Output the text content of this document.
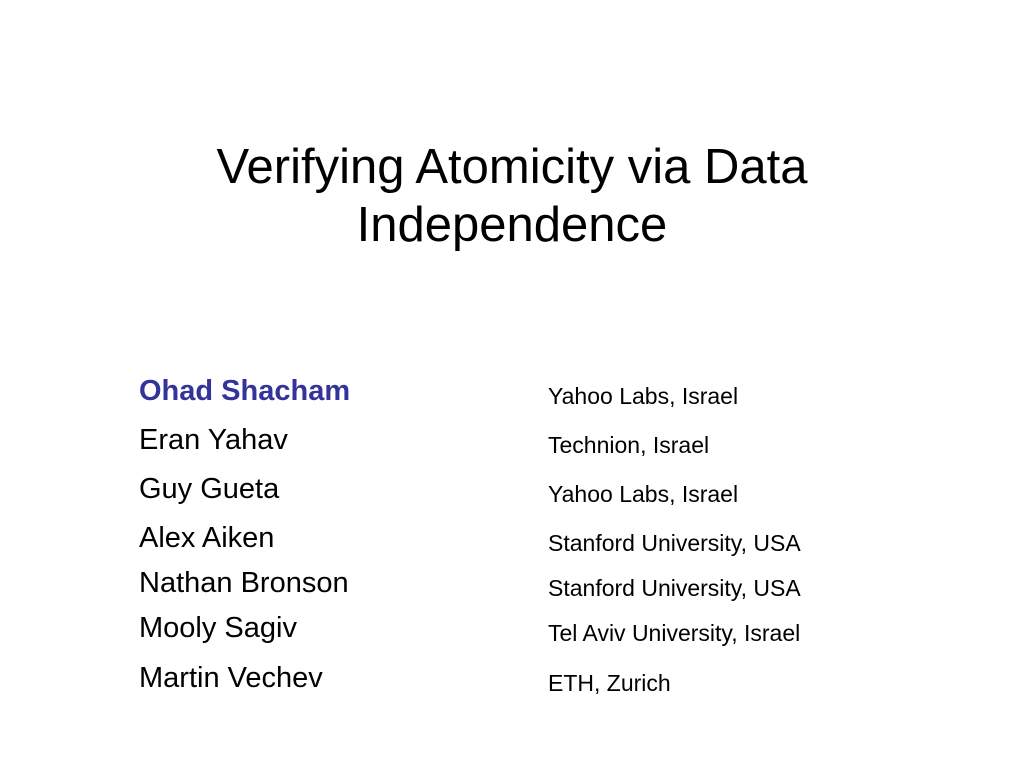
Verifying Atomicity via Data
Independence
Ohad Shacham	Yahoo Labs, Israel
Eran Yahav	Technion, Israel
Guy Gueta	Yahoo Labs, Israel
Alex Aiken	Stanford University, USA
Nathan Bronson	Stanford University, USA
Mooly Sagiv	Tel Aviv University, Israel
Martin Vechev	ETH, Zurich
